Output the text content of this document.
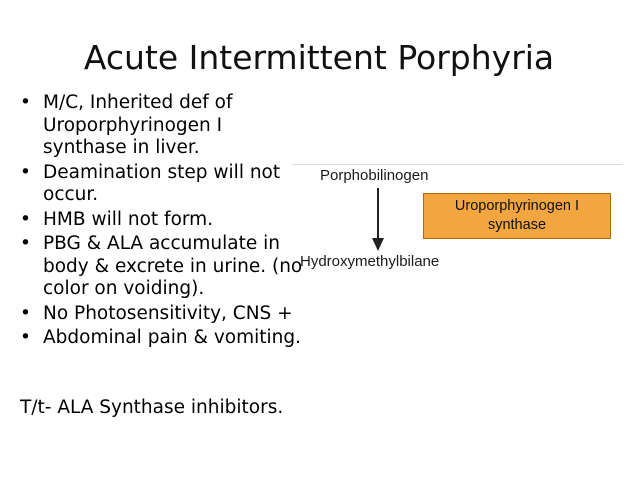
Acute Intermittent Porphyria
• M/C, Inherited def of
Uroporphyrinogen I
synthase in liver.
• Deamination step will not
occur.
• HMB will not form.
• PBG & ALA accumulate in
body & excrete in urine. (no
color on voiding).
• No Photosensitivity, CNS +
• Abdominal pain & vomiting.
T/t- ALA Synthase inhibitors.
Porphobilinogen
Uroporphyrinogen I
synthase
Hydroxymethylbilane
